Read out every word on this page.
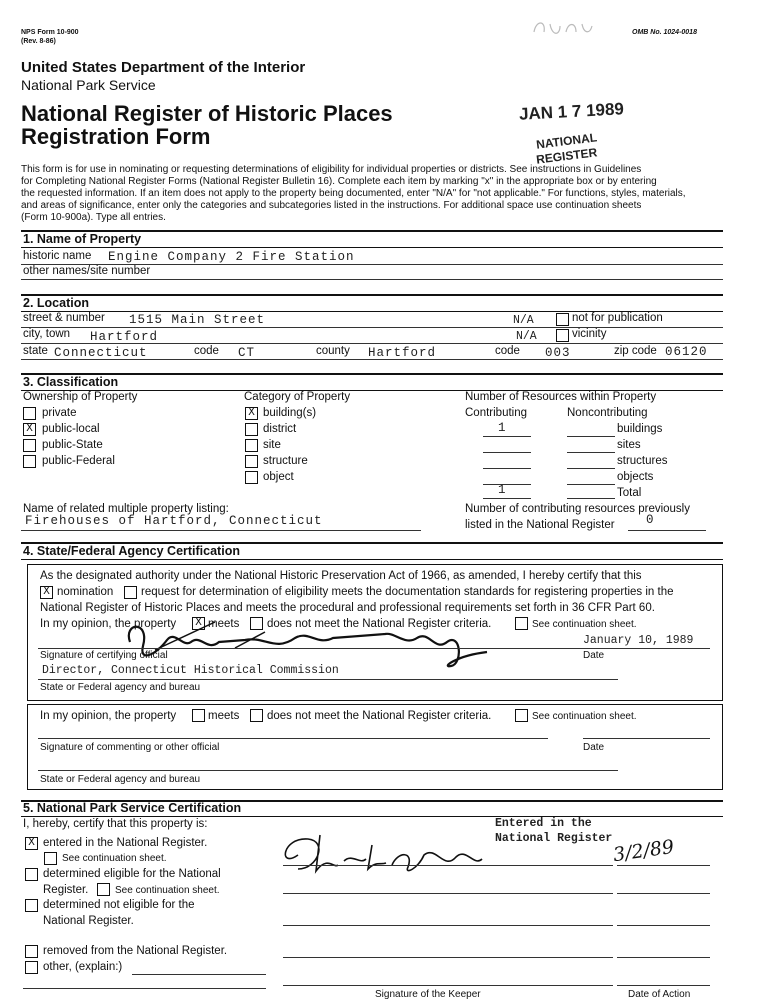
NPS Form 10-900
(Rev. 8-86)
OMB No. 1024-0018
United States Department of the Interior
National Park Service
National Register of Historic Places
Registration Form
JAN 1 7 1989
NATIONAL
REGISTER
This form is for use in nominating or requesting determinations of eligibility for individual properties or districts. See instructions in Guidelines
for Completing National Register Forms (National Register Bulletin 16). Complete each item by marking "x" in the appropriate box or by entering
the requested information. If an item does not apply to the property being documented, enter "N/A" for "not applicable." For functions, styles, materials,
and areas of significance, enter only the categories and subcategories listed in the instructions. For additional space use continuation sheets
(Form 10-900a). Type all entries.
1. Name of Property
historic name Engine Company 2 Fire Station
other names/site number
2. Location
street & number 1515 Main Street	N/A	not for publication
city, town Hartford	N/A	vicinity
state Connecticut	code CT	county Hartford	code 003	zip code 06120
3. Classification
Ownership of Property
private
X public-local
public-State
public-Federal
Category of Property
X building(s)
district
site
structure
object
Number of Resources within Property
Contributing	Noncontributing
1	buildings
sites
structures
objects
1	Total
Name of related multiple property listing:
Firehouses of Hartford, Connecticut
Number of contributing resources previously
listed in the National Register	0
4. State/Federal Agency Certification
As the designated authority under the National Historic Preservation Act of 1966, as amended, I hereby certify that this
X nomination request for determination of eligibility meets the documentation standards for registering properties in the
National Register of Historic Places and meets the procedural and professional requirements set forth in 36 CFR Part 60.
In my opinion, the property X meets does not meet the National Register criteria.	See continuation sheet.
January 10, 1989
Signature of certifying official	Date
Director, Connecticut Historical Commission
State or Federal agency and bureau
In my opinion, the property	meets does not meet the National Register criteria.	See continuation sheet.
Signature of commenting or other official	Date
State or Federal agency and bureau
5. National Park Service Certification
I, hereby, certify that this property is:
X entered in the National Register.
See continuation sheet.
determined eligible for the National
Register.	See continuation sheet.
determined not eligible for the
National Register.
removed from the National Register.
other, (explain:)
Entered in the
National Register 3/2/89
Signature of the Keeper	Date of Action
